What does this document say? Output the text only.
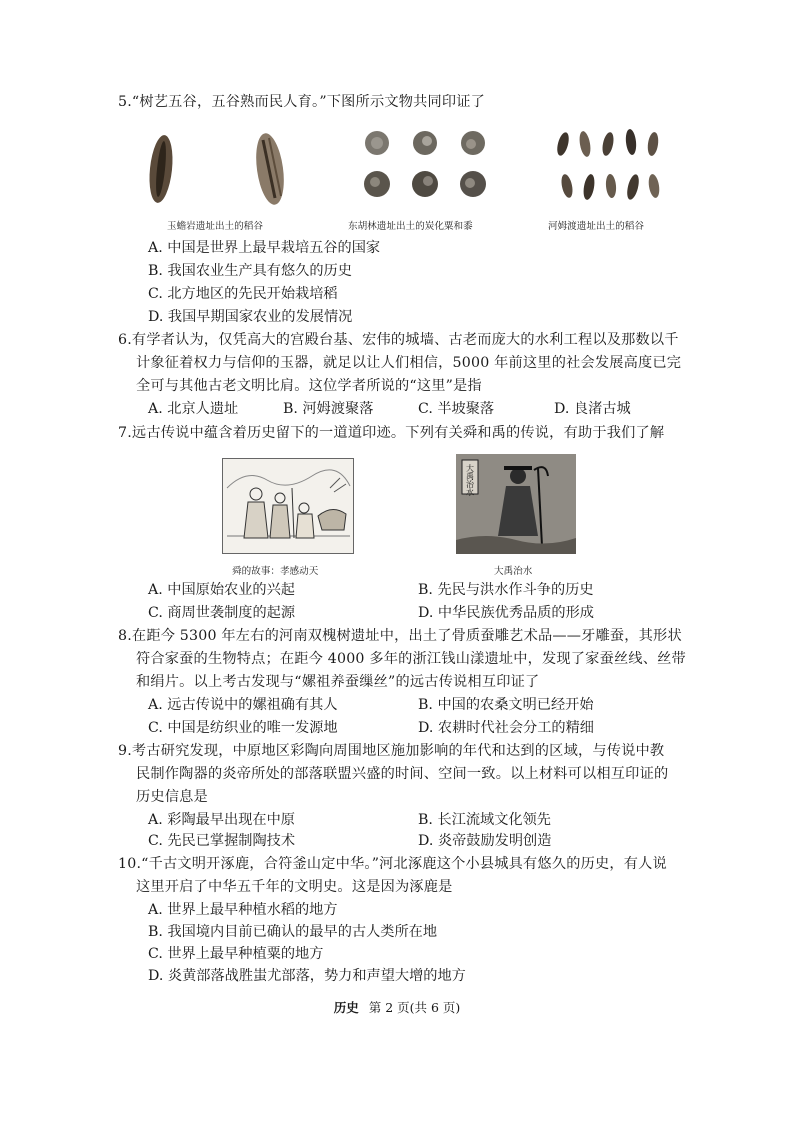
5.“树艺五谷，五谷熟而民人育。”下图所示文物共同印证了
玉蟾岩遗址出土的稻谷	东胡林遗址出土的炭化粟和黍	河姆渡遗址出土的稻谷
A. 中国是世界上最早栽培五谷的国家
B. 我国农业生产具有悠久的历史
C. 北方地区的先民开始栽培稻
D. 我国早期国家农业的发展情况
6.有学者认为，仅凭高大的宫殿台基、宏伟的城墙、古老而庞大的水利工程以及那数以千
计象征着权力与信仰的玉器，就足以让人们相信，5000 年前这里的社会发展高度已完
全可与其他古老文明比肩。这位学者所说的“这里”是指
A. 北京人遗址	B. 河姆渡聚落	C. 半坡聚落	D. 良渚古城
7.远古传说中蕴含着历史留下的一道道印迹。下列有关舜和禹的传说，有助于我们了解
大禹治水
舜的故事：孝感动天	大禹治水
A. 中国原始农业的兴起	B. 先民与洪水作斗争的历史
C. 商周世袭制度的起源	D. 中华民族优秀品质的形成
8.在距今 5300 年左右的河南双槐树遗址中，出土了骨质蚕雕艺术品——牙雕蚕，其形状
符合家蚕的生物特点；在距今 4000 多年的浙江钱山漾遗址中，发现了家蚕丝线、丝带
和绢片。以上考古发现与“嫘祖养蚕缫丝”的远古传说相互印证了
A. 远古传说中的嫘祖确有其人	B. 中国的农桑文明已经开始
C. 中国是纺织业的唯一发源地	D. 农耕时代社会分工的精细
9.考古研究发现，中原地区彩陶向周围地区施加影响的年代和达到的区域，与传说中教
民制作陶器的炎帝所处的部落联盟兴盛的时间、空间一致。以上材料可以相互印证的
历史信息是
A. 彩陶最早出现在中原	B. 长江流域文化领先
C. 先民已掌握制陶技术	D. 炎帝鼓励发明创造
10.“千古文明开涿鹿，合符釜山定中华。”河北涿鹿这个小县城具有悠久的历史，有人说
这里开启了中华五千年的文明史。这是因为涿鹿是
A. 世界上最早种植水稻的地方
B. 我国境内目前已确认的最早的古人类所在地
C. 世界上最早种植粟的地方
D. 炎黄部落战胜蚩尤部落，势力和声望大增的地方
历史 第 2 页(共 6 页)
